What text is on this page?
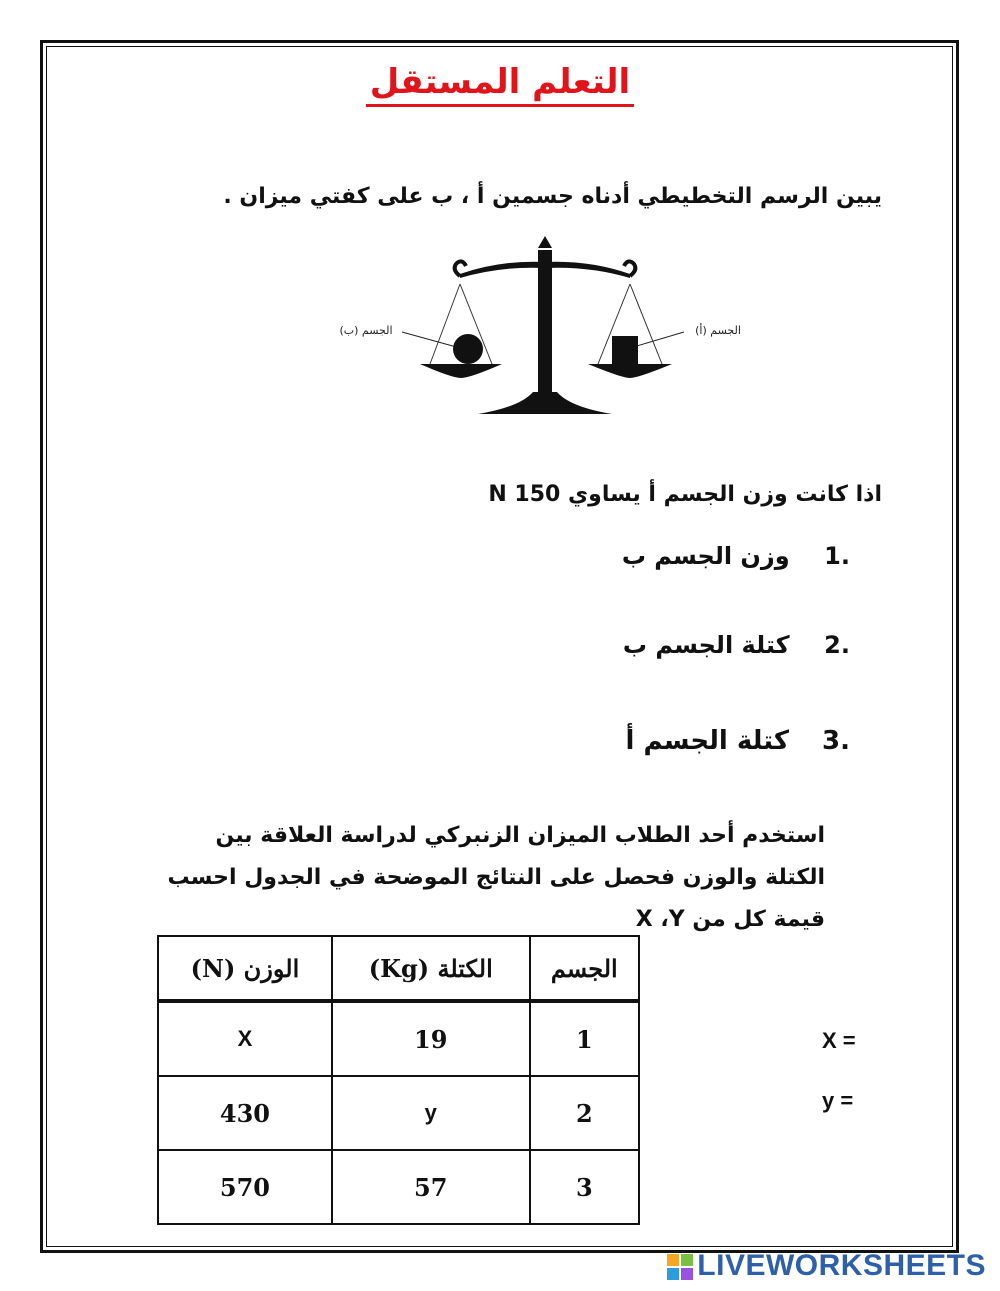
التعلم المستقل
يبين الرسم التخطيطي أدناه جسمين أ ، ب على كفتي ميزان .
الجسم (ب)	الجسم (أ)
اذا كانت وزن الجسم أ يساوي 150 N
.1 وزن الجسم ب
.2 كتلة الجسم ب
.3 كتلة الجسم أ
استخدم أحد الطلاب الميزان الزنبركي لدراسة العلاقة بين الكتلة والوزن فحصل على النتائج الموضحة في الجدول احسب قيمة كل من X ،Y
الجسم	الكتلة (Kg)	الوزن (N)
1	19	X
2	y	430
3	57	570
X =
y =
LIVEWORKSHEETS
